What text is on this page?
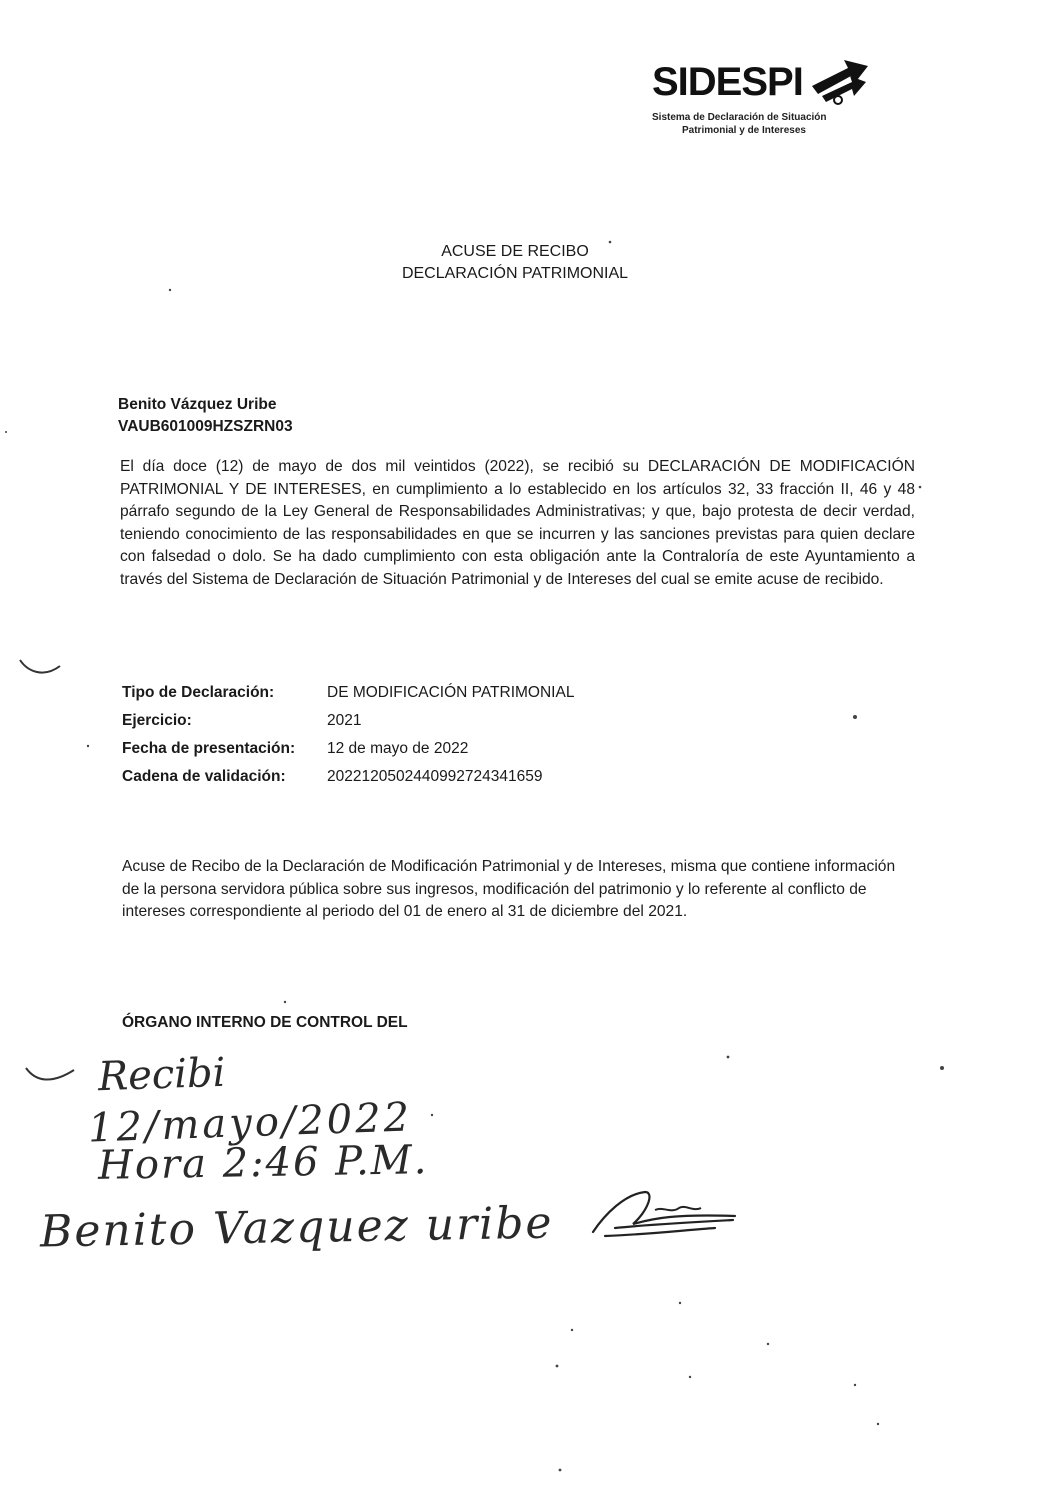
SIDESPI
Sistema de Declaración de Situación
Patrimonial y de Intereses
ACUSE DE RECIBO
DECLARACIÓN PATRIMONIAL
Benito Vázquez Uribe
VAUB601009HZSZRN03
El día doce (12) de mayo de dos mil veintidos (2022), se recibió su DECLARACIÓN DE MODIFICACIÓN PATRIMONIAL Y DE INTERESES, en cumplimiento a lo establecido en los artículos 32, 33 fracción II, 46 y 48 párrafo segundo de la Ley General de Responsabilidades Administrativas; y que, bajo protesta de decir verdad, teniendo conocimiento de las responsabilidades en que se incurren y las sanciones previstas para quien declare con falsedad o dolo. Se ha dado cumplimiento con esta obligación ante la Contraloría de este Ayuntamiento a través del Sistema de Declaración de Situación Patrimonial y de Intereses del cual se emite acuse de recibido.
Tipo de Declaración:	DE MODIFICACIÓN PATRIMONIAL
Ejercicio:	2021
Fecha de presentación: 12 de mayo de 2022
Cadena de validación:	20221205024409927243416​59
Acuse de Recibo de la Declaración de Modificación Patrimonial y de Intereses, misma que contiene información de la persona servidora pública sobre sus ingresos, modificación del patrimonio y lo referente al conflicto de intereses correspondiente al periodo del 01 de enero al 31 de diciembre del 2021.
ÓRGANO INTERNO DE CONTROL DEL
Recibi
12/mayo/2022
Hora 2:46 P.M.
Benito Vazquez uribe
